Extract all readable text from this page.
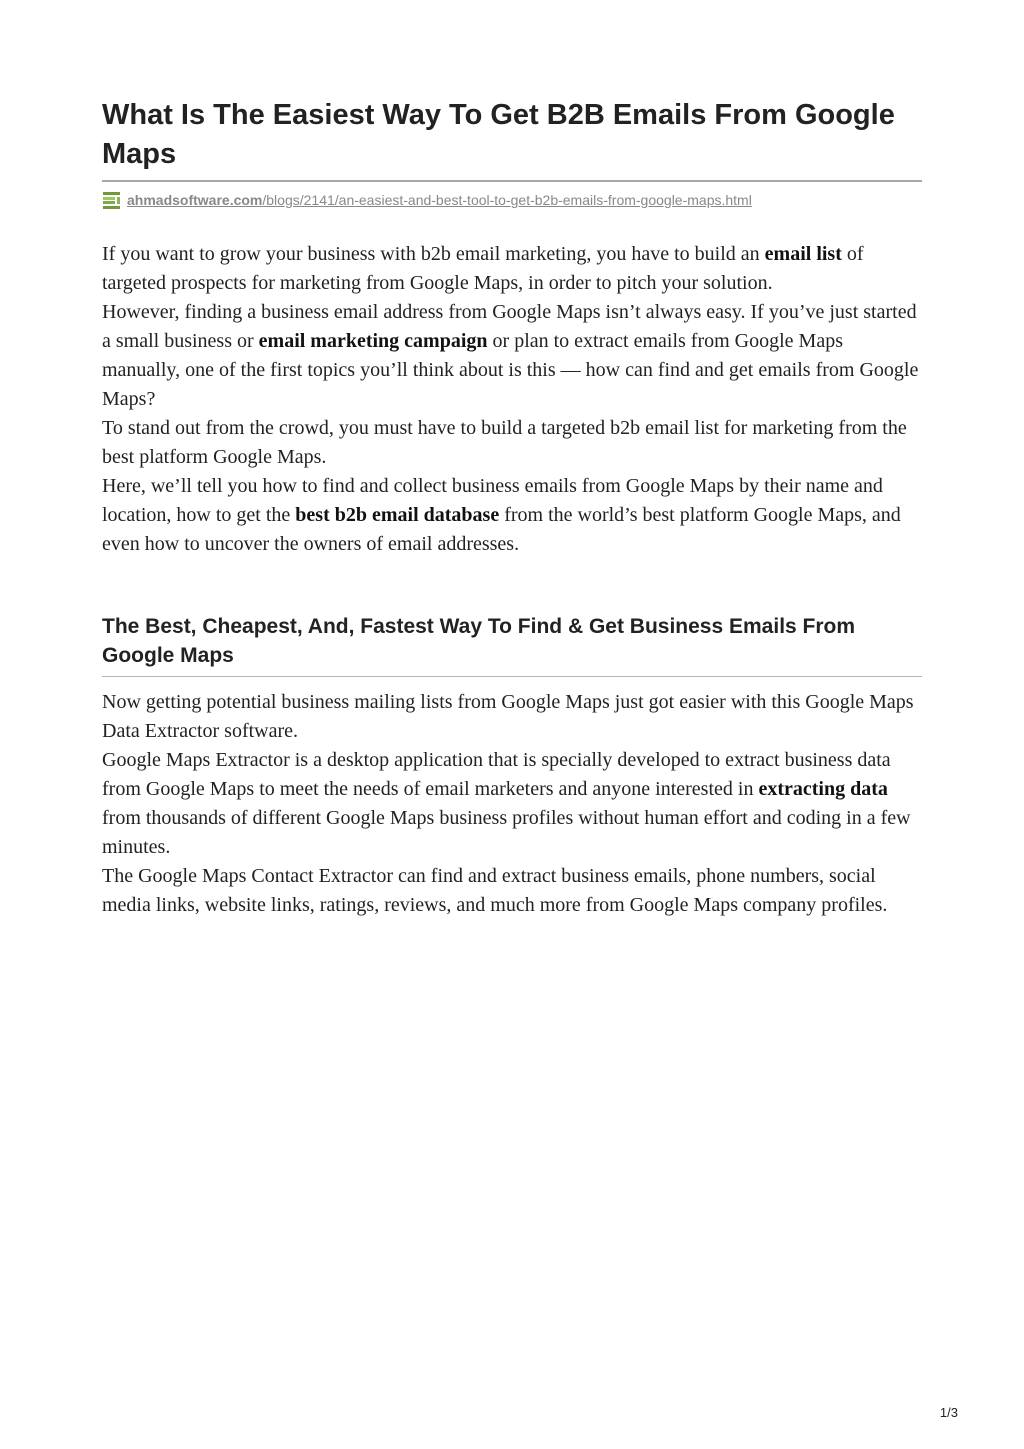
What Is The Easiest Way To Get B2B Emails From Google Maps
ahmadsoftware.com/blogs/2141/an-easiest-and-best-tool-to-get-b2b-emails-from-google-maps.html

If you want to grow your business with b2b email marketing, you have to build an email list of targeted prospects for marketing from Google Maps, in order to pitch your solution.

However, finding a business email address from Google Maps isn’t always easy. If you’ve just started a small business or email marketing campaign or plan to extract emails from Google Maps manually, one of the first topics you’ll think about is this — how can find and get emails from Google Maps?

To stand out from the crowd, you must have to build a targeted b2b email list for marketing from the best platform Google Maps.

Here, we’ll tell you how to find and collect business emails from Google Maps by their name and location, how to get the best b2b email database from the world’s best platform Google Maps, and even how to uncover the owners of email addresses.

The Best, Cheapest, And, Fastest Way To Find & Get Business Emails From Google Maps

Now getting potential business mailing lists from Google Maps just got easier with this Google Maps Data Extractor software.

Google Maps Extractor is a desktop application that is specially developed to extract business data from Google Maps to meet the needs of email marketers and anyone interested in extracting data from thousands of different Google Maps business profiles without human effort and coding in a few minutes.

The Google Maps Contact Extractor can find and extract business emails, phone numbers, social media links, website links, ratings, reviews, and much more from Google Maps company profiles.

1/3
